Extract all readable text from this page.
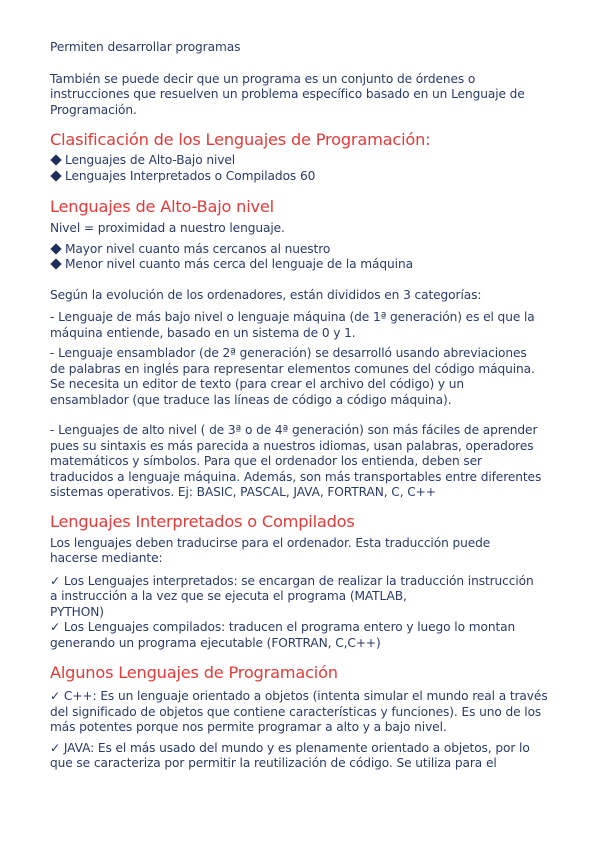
Permiten desarrollar programas

También se puede decir que un programa es un conjunto de órdenes o
instrucciones que resuelven un problema específico basado en un Lenguaje de
Programación.

Clasificación de los Lenguajes de Programación:
Lenguajes de Alto-Bajo nivel
Lenguajes Interpretados o Compilados 60
Lenguajes de Alto-Bajo nivel

Nivel = proximidad a nuestro lenguaje.

Mayor nivel cuanto más cercanos al nuestro
Menor nivel cuanto más cerca del lenguaje de la máquina

Según la evolución de los ordenadores, están divididos en 3 categorías:

- Lenguaje de más bajo nivel o lenguaje máquina (de 1ª generación) es el que la
máquina entiende, basado en un sistema de 0 y 1.

- Lenguaje ensamblador (de 2ª generación) se desarrolló usando abreviaciones
de palabras en inglés para representar elementos comunes del código máquina.
Se necesita un editor de texto (para crear el archivo del código) y un
ensamblador (que traduce las líneas de código a código máquina).

- Lenguajes de alto nivel ( de 3ª o de 4ª generación) son más fáciles de aprender
pues su sintaxis es más parecida a nuestros idiomas, usan palabras, operadores
matemáticos y símbolos. Para que el ordenador los entienda, deben ser
traducidos a lenguaje máquina. Además, son más transportables entre diferentes
sistemas operativos. Ej: BASIC, PASCAL, JAVA, FORTRAN, C, C++

Lenguajes Interpretados o Compilados

Los lenguajes deben traducirse para el ordenador. Esta traducción puede
hacerse mediante:

✓ Los Lenguajes interpretados: se encargan de realizar la traducción instrucción
a instrucción a la vez que se ejecuta el programa (MATLAB,
PYTHON)

✓ Los Lenguajes compilados: traducen el programa entero y luego lo montan
generando un programa ejecutable (FORTRAN, C,C++)

Algunos Lenguajes de Programación

✓ C++: Es un lenguaje orientado a objetos (intenta simular el mundo real a través
del significado de objetos que contiene características y funciones). Es uno de los
más potentes porque nos permite programar a alto y a bajo nivel.

✓ JAVA: Es el más usado del mundo y es plenamente orientado a objetos, por lo
que se caracteriza por permitir la reutilización de código. Se utiliza para el
